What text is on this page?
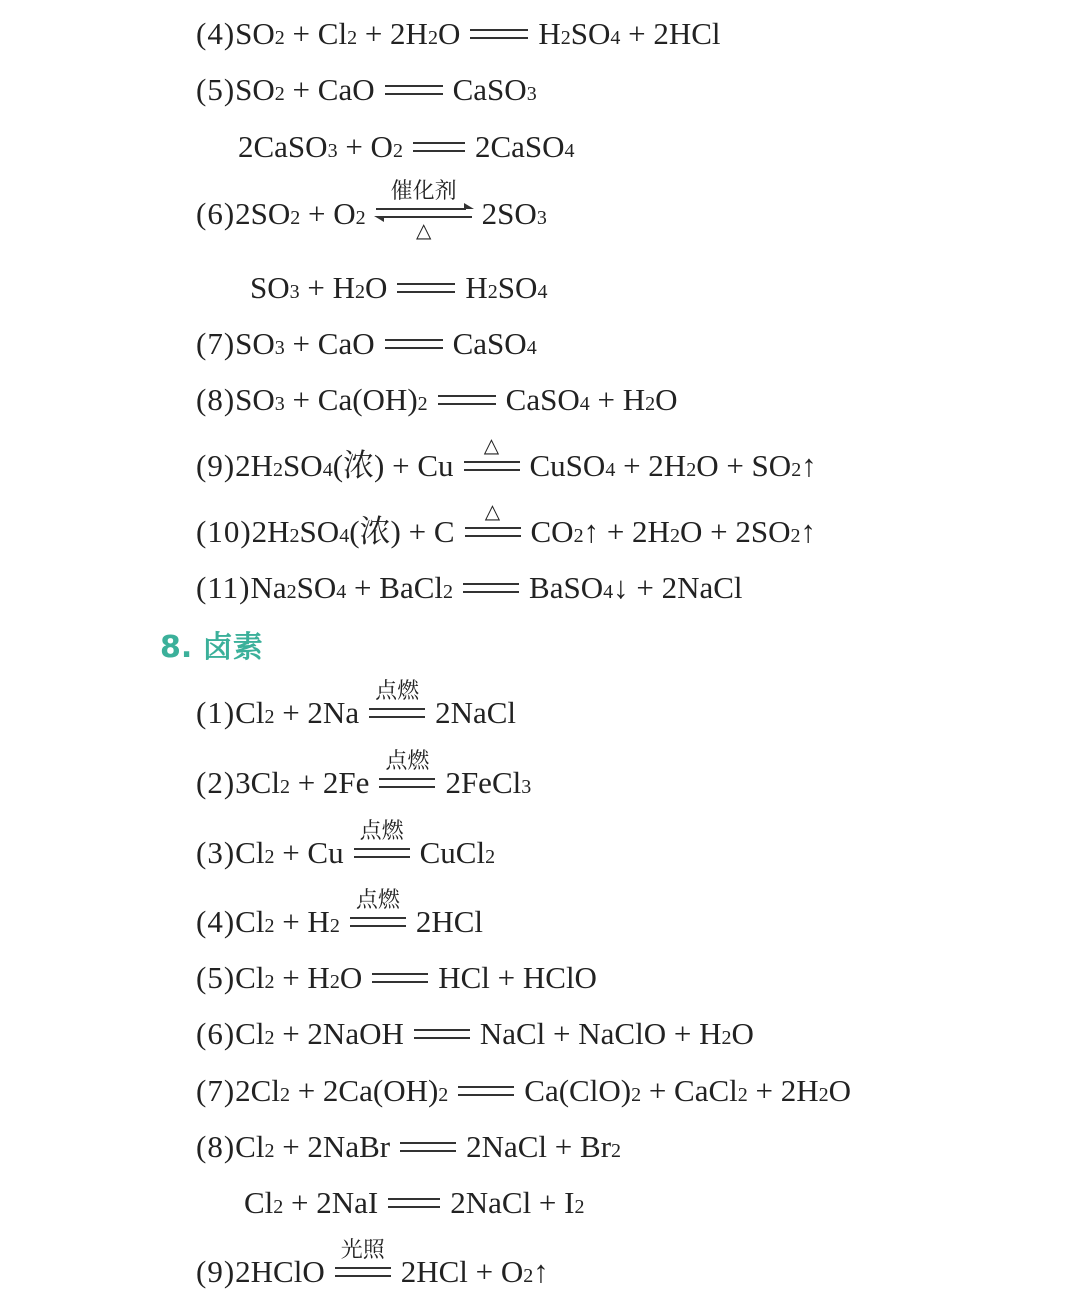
8. 卤素
(4) SO 2 + Cl 2 + 2H 2 O	H 2 SO 4 + 2HCl
(5) SO 2 + CaO	CaSO 3
2CaSO 3 + O 2 2CaSO 4
(6) 2SO 2 + O 2
催化剂
△	2SO 3
SO 3 + H 2 O	H 2 SO 4
(7) SO 3 + CaO	CaSO 4
(8) SO 3 + Ca(OH) 2	CaSO 4 + H 2 O
(9) 2H 2 SO 4 (浓) + Cu
△
CuSO 4 + 2H 2 O + SO 2 ↑
(10) 2H 2 SO 4 (浓) + C
△
CO 2 ↑ + 2H 2 O + 2SO 2 ↑
(11) Na 2 SO 4 + BaCl 2 BaSO 4 ↓ + 2NaCl
(1) Cl 2 + 2Na
点燃
2NaCl
(2) 3Cl 2 + 2Fe
点燃
2FeCl 3
(3) Cl 2 + Cu
点燃
CuCl 2
(4) Cl 2 + H 2
点燃
2HCl
(5) Cl 2 + H 2 O HCl + HClO
(6) Cl 2 + 2NaOH NaCl + NaClO + H 2 O
(7) 2Cl 2 + 2Ca(OH) 2 Ca(ClO) 2 + CaCl 2 + 2H 2 O
(8) Cl 2 + 2NaBr 2NaCl + Br 2
Cl 2 + 2NaI 2NaCl + I 2
(9) 2HClO
光照
2HCl + O 2 ↑
